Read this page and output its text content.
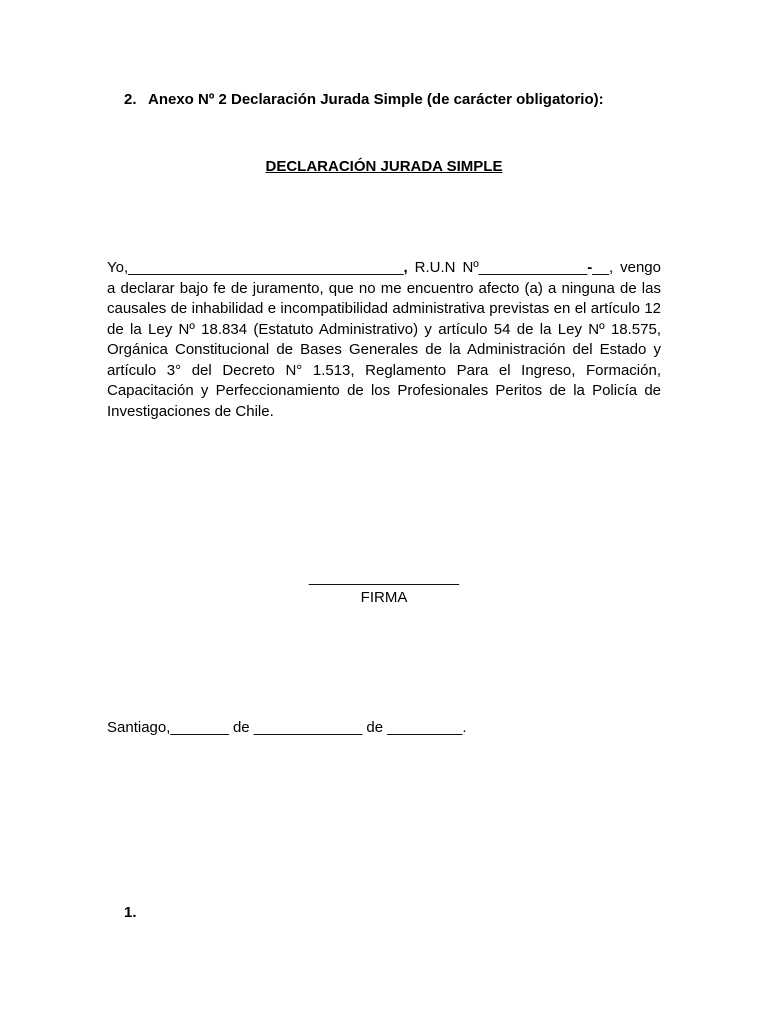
2. Anexo Nº 2 Declaración Jurada Simple (de carácter obligatorio):
DECLARACIÓN JURADA SIMPLE
Yo,_________________________________, R.U.N Nº_____________-__, vengo a declarar bajo fe de juramento, que no me encuentro afecto (a) a ninguna de las causales de inhabilidad e incompatibilidad administrativa previstas en el artículo 12 de la Ley Nº 18.834 (Estatuto Administrativo) y artículo 54 de la Ley Nº 18.575, Orgánica Constitucional de Bases Generales de la Administración del Estado y artículo 3° del Decreto N° 1.513, Reglamento Para el Ingreso, Formación, Capacitación y Perfeccionamiento de los Profesionales Peritos de la Policía de Investigaciones de Chile.
__________________
FIRMA
Santiago,_______ de _____________ de _________.
1.
